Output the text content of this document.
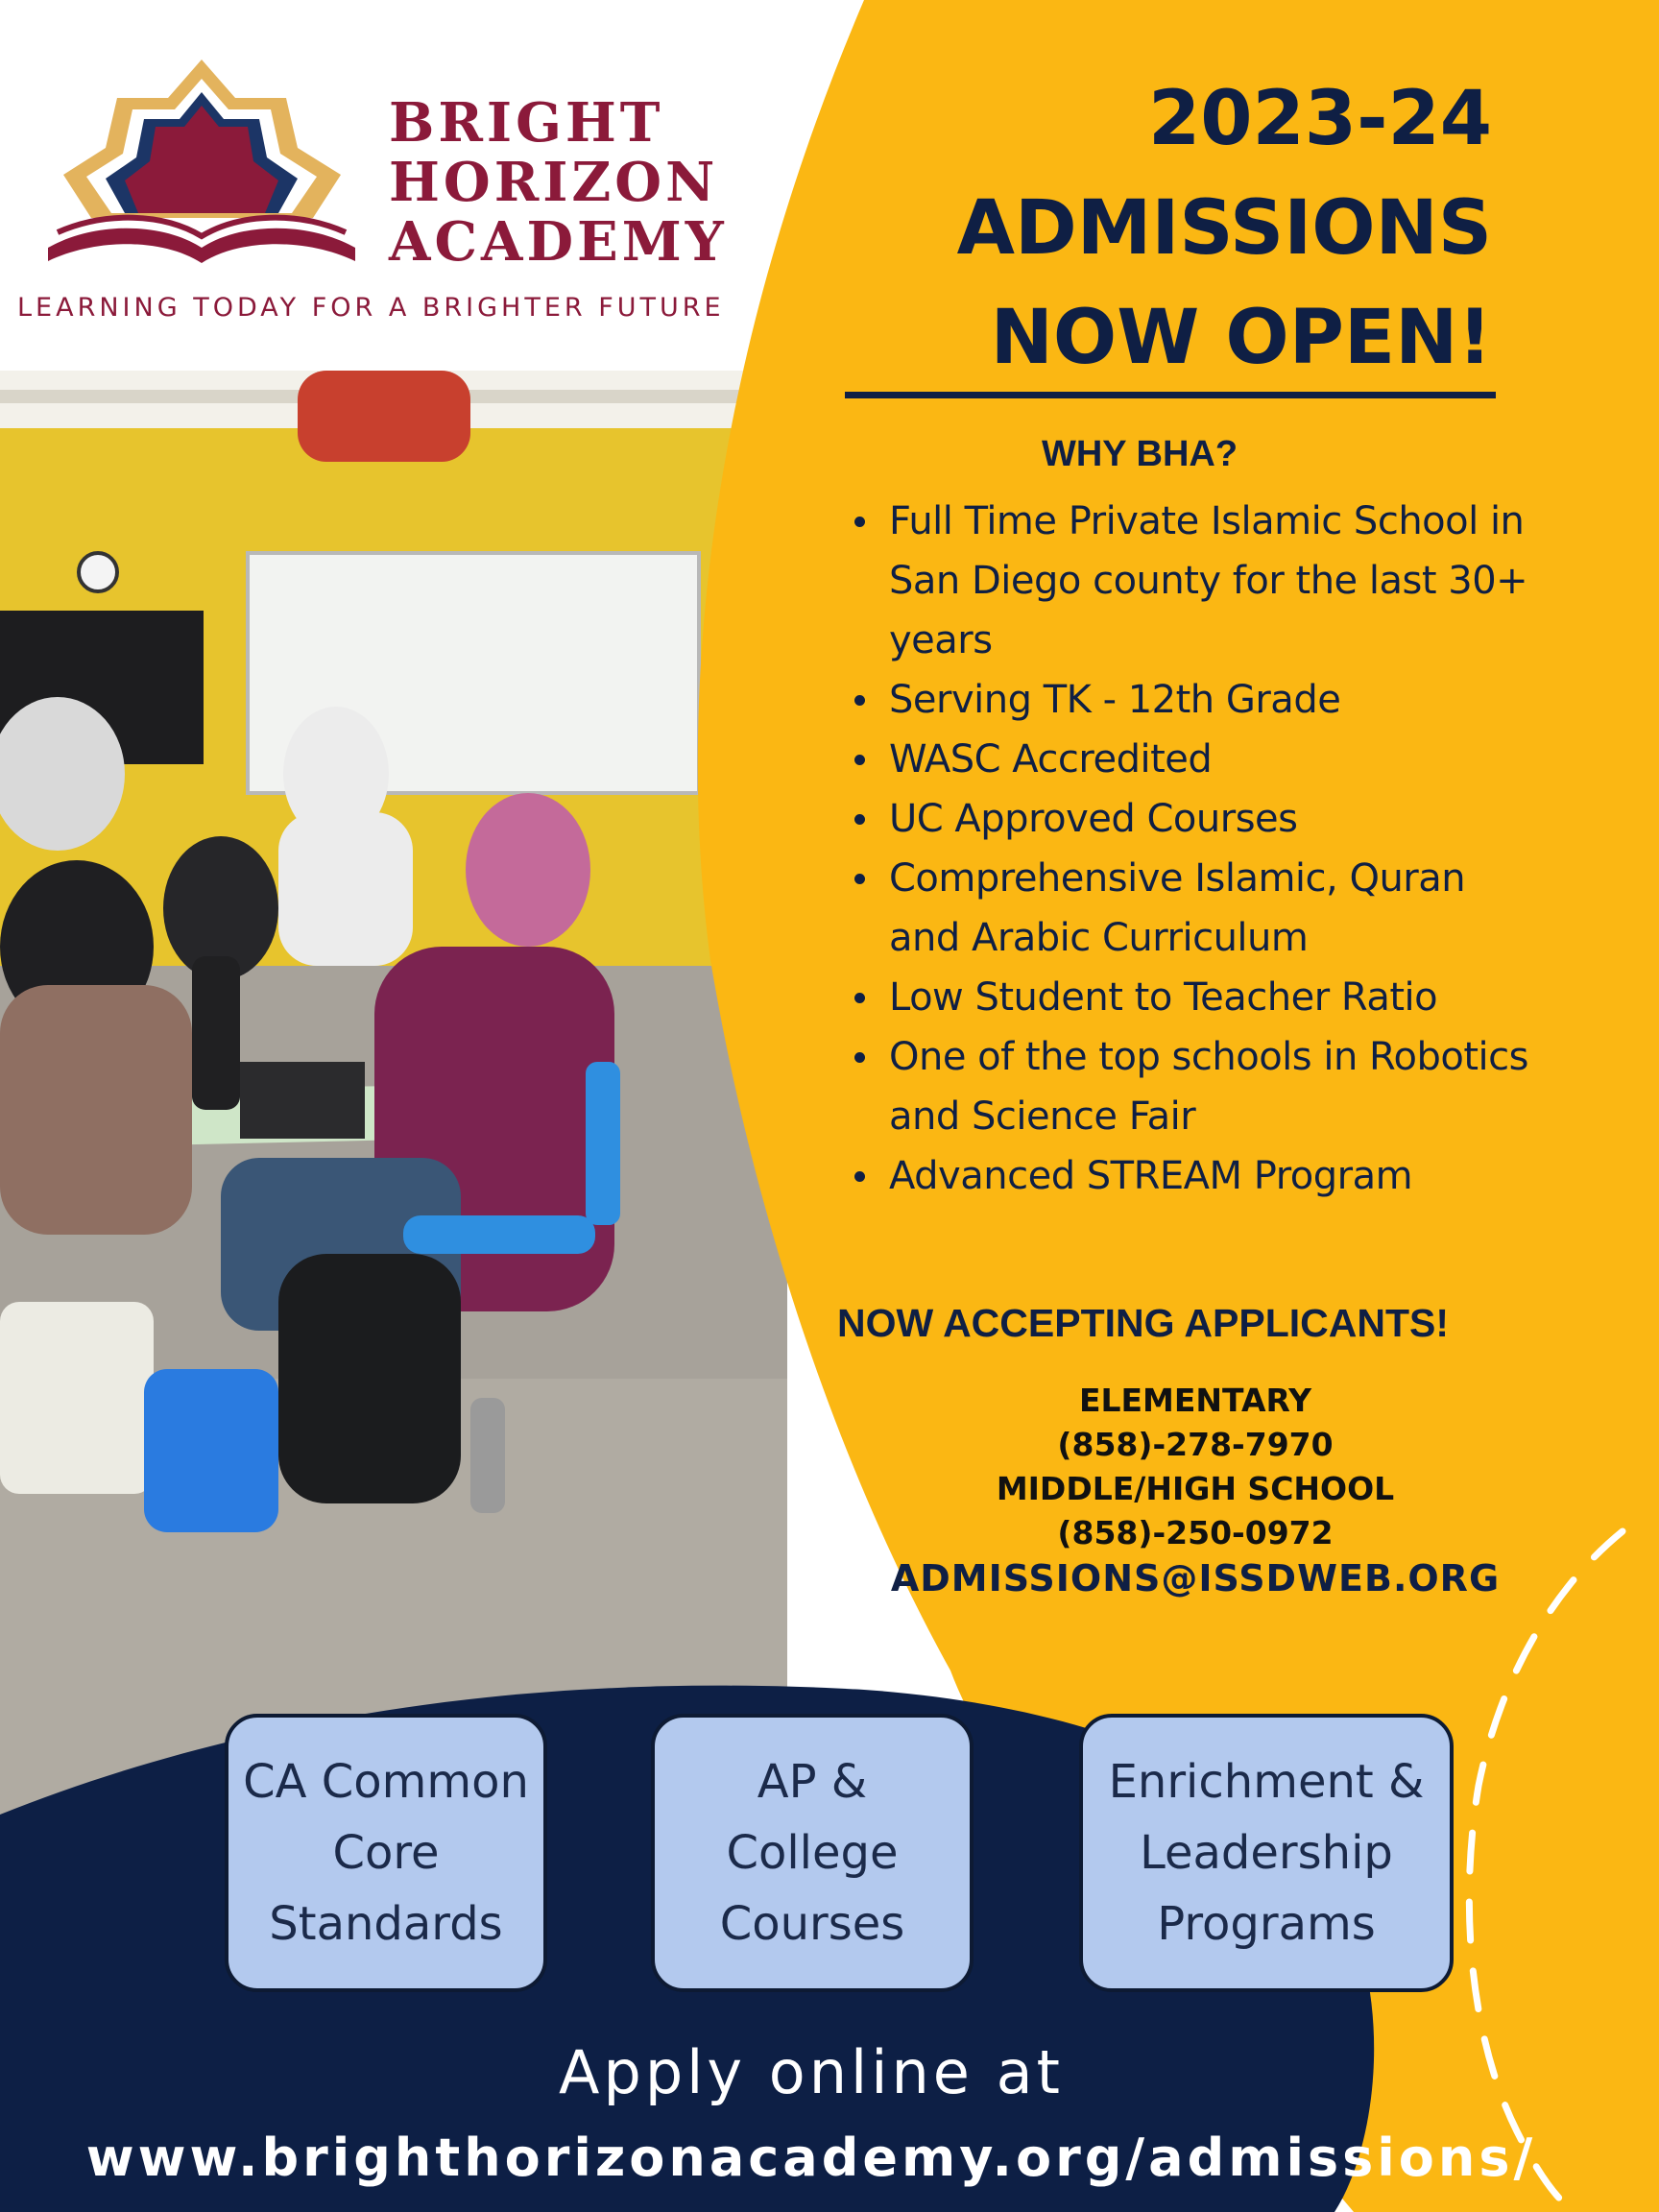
BRIGHT
HORIZON
ACADEMY
LEARNING TODAY FOR A BRIGHTER FUTURE
2023-24
ADMISSIONS
NOW OPEN!
WHY BHA?
Full Time Private Islamic School in San Diego county for the last 30+ years
Serving TK - 12th Grade
WASC Accredited
UC Approved Courses
Comprehensive Islamic, Quran and Arabic Curriculum
Low Student to Teacher Ratio
One of the top schools in Robotics and Science Fair
Advanced STREAM Program
NOW ACCEPTING APPLICANTS!
ELEMENTARY
(858)-278-7970
MIDDLE/HIGH SCHOOL
(858)-250-0972
ADMISSIONS@ISSDWEB.ORG
CA Common
Core
Standards
AP &
College
Courses
Enrichment &
Leadership
Programs
Apply online at
www.brighthorizonacademy.org/admissions/
